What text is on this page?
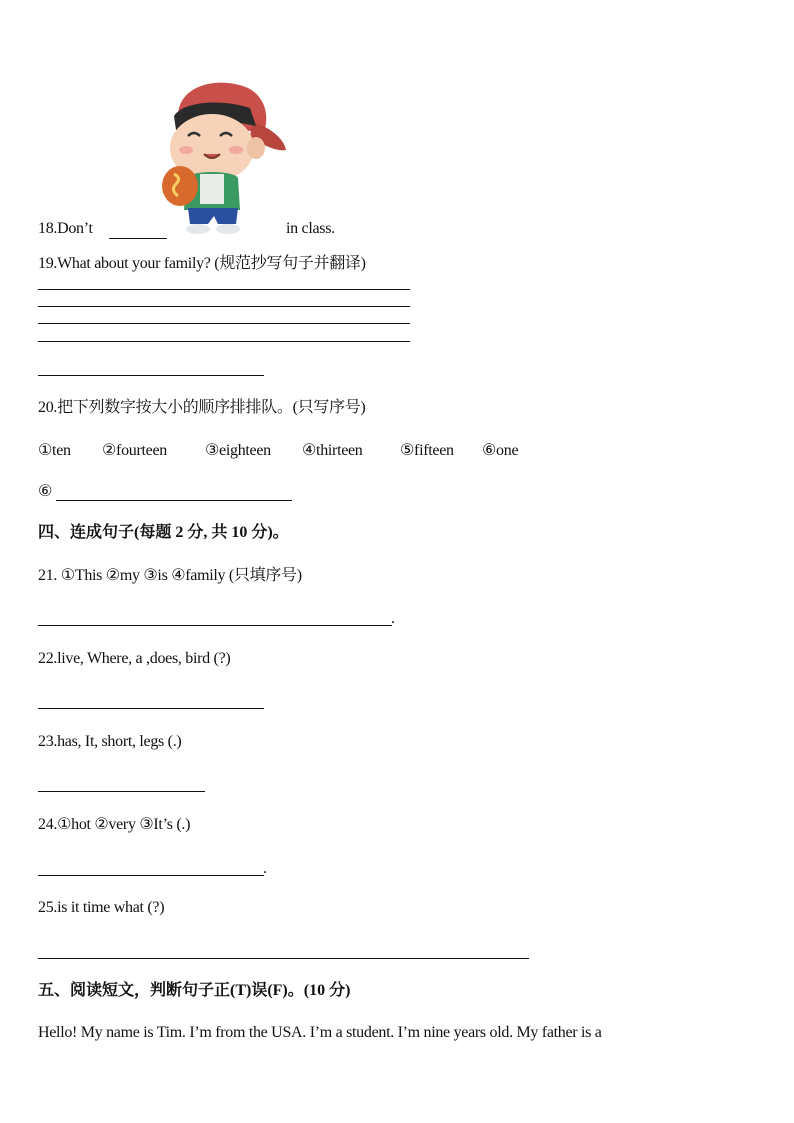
18.Don’t	in class.
19.What about your family? (规范抄写句子并翻译)
20.把下列数字按大小的顺序排排队。(只写序号)
①ten ②fourteen ③eighteen ④thirteen ⑤fifteen ⑥one
⑥
四、连成句子(每题 2 分, 共 10 分)。
21. ①This ②my ③is ④family (只填序号)
.
22.live, Where, a ,does, bird (?)
23.has, It, short, legs (.)
24.①hot ②very ③It’s (.)
.
25.is it time what (?)
五、阅读短文，判断句子正(T)误(F)。(10 分)
Hello! My name is Tim. I’m from the USA. I’m a student. I’m nine years old. My father is a
